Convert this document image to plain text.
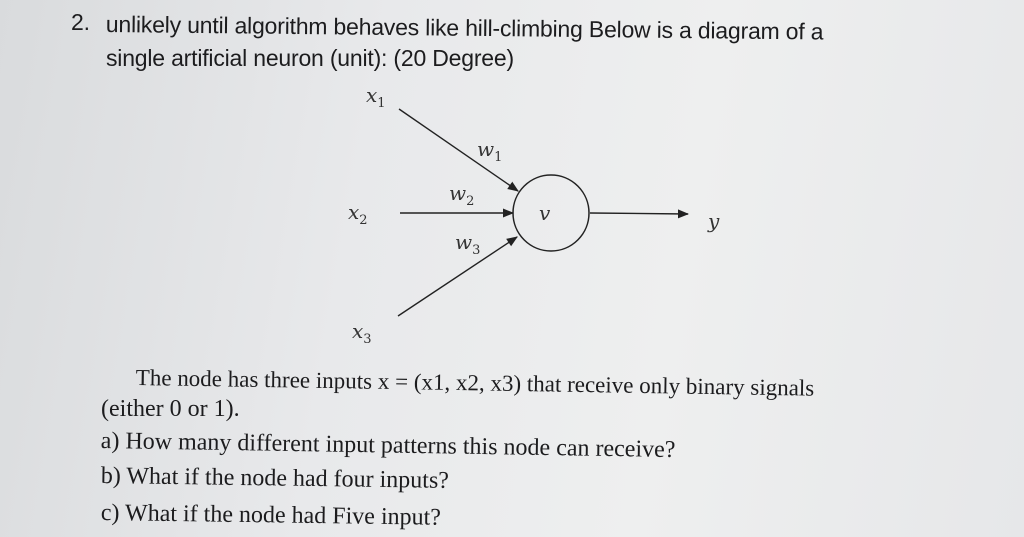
2. unlikely until algorithm behaves like hill-climbing Below is a diagram of a
single artificial neuron (unit): (20 Degree)
$x_1$
$x_2$
$x_3$
$w_1$
$w_2$
$w_3$
v	y
The node has three inputs x = (x1, x2, x3) that receive only binary signals
(either 0 or 1).
a) How many different input patterns this node can receive?
b) What if the node had four inputs?
c) What if the node had Five input?
